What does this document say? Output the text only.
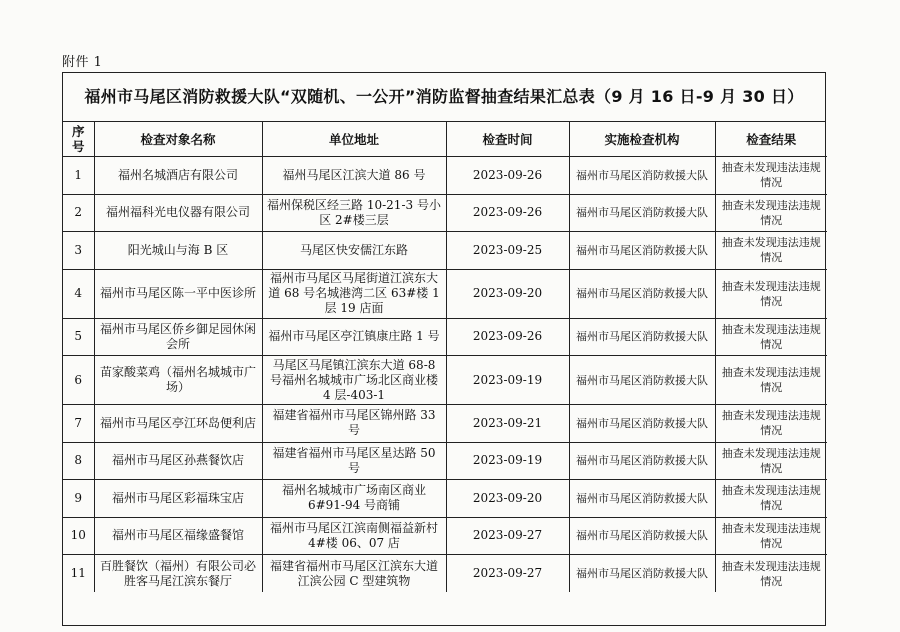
附件 1
福州市马尾区消防救援大队“双随机、一公开”消防监督抽查结果汇总表（9 月 16 日-9 月 30 日）
序号	检查对象名称	单位地址	检查时间	实施检查机构	检查结果
1	福州名城酒店有限公司	福州马尾区江滨大道 86 号	2023-09-26	福州市马尾区消防救援大队	抽查未发现违法违规情况
2	福州福科光电仪器有限公司	福州保税区经三路 10-21-3 号小区 2#楼三层	2023-09-26	福州市马尾区消防救援大队	抽查未发现违法违规情况
3	阳光城山与海 B 区	马尾区快安儒江东路	2023-09-25	福州市马尾区消防救援大队	抽查未发现违法违规情况
4	福州市马尾区陈一平中医诊所	福州市马尾区马尾街道江滨东大道 68 号名城港湾二区 63#楼 1 层 19 店面	2023-09-20	福州市马尾区消防救援大队	抽查未发现违法违规情况
5	福州市马尾区侨乡御足园休闲会所	福州市马尾区亭江镇康庄路 1 号	2023-09-26	福州市马尾区消防救援大队	抽查未发现违法违规情况
6	苗家酸菜鸡（福州名城城市广场）	马尾区马尾镇江滨东大道 68-8 号福州名城城市广场北区商业楼 4 层-403-1	2023-09-19	福州市马尾区消防救援大队	抽查未发现违法违规情况
7	福州市马尾区亭江环岛便利店	福建省福州市马尾区锦州路 33 号	2023-09-21	福州市马尾区消防救援大队	抽查未发现违法违规情况
8	福州市马尾区孙燕餐饮店	福建省福州市马尾区星达路 50 号	2023-09-19	福州市马尾区消防救援大队	抽查未发现违法违规情况
9	福州市马尾区彩福珠宝店	福州名城城市广场南区商业 6#91-94 号商铺	2023-09-20	福州市马尾区消防救援大队	抽查未发现违法违规情况
10	福州市马尾区福缘盛餐馆	福州市马尾区江滨南侧福益新村 4#楼 06、07 店	2023-09-27	福州市马尾区消防救援大队	抽查未发现违法违规情况
11	百胜餐饮（福州）有限公司必胜客马尾江滨东餐厅	福建省福州市马尾区江滨东大道江滨公园 C 型建筑物	2023-09-27	福州市马尾区消防救援大队	抽查未发现违法违规情况
